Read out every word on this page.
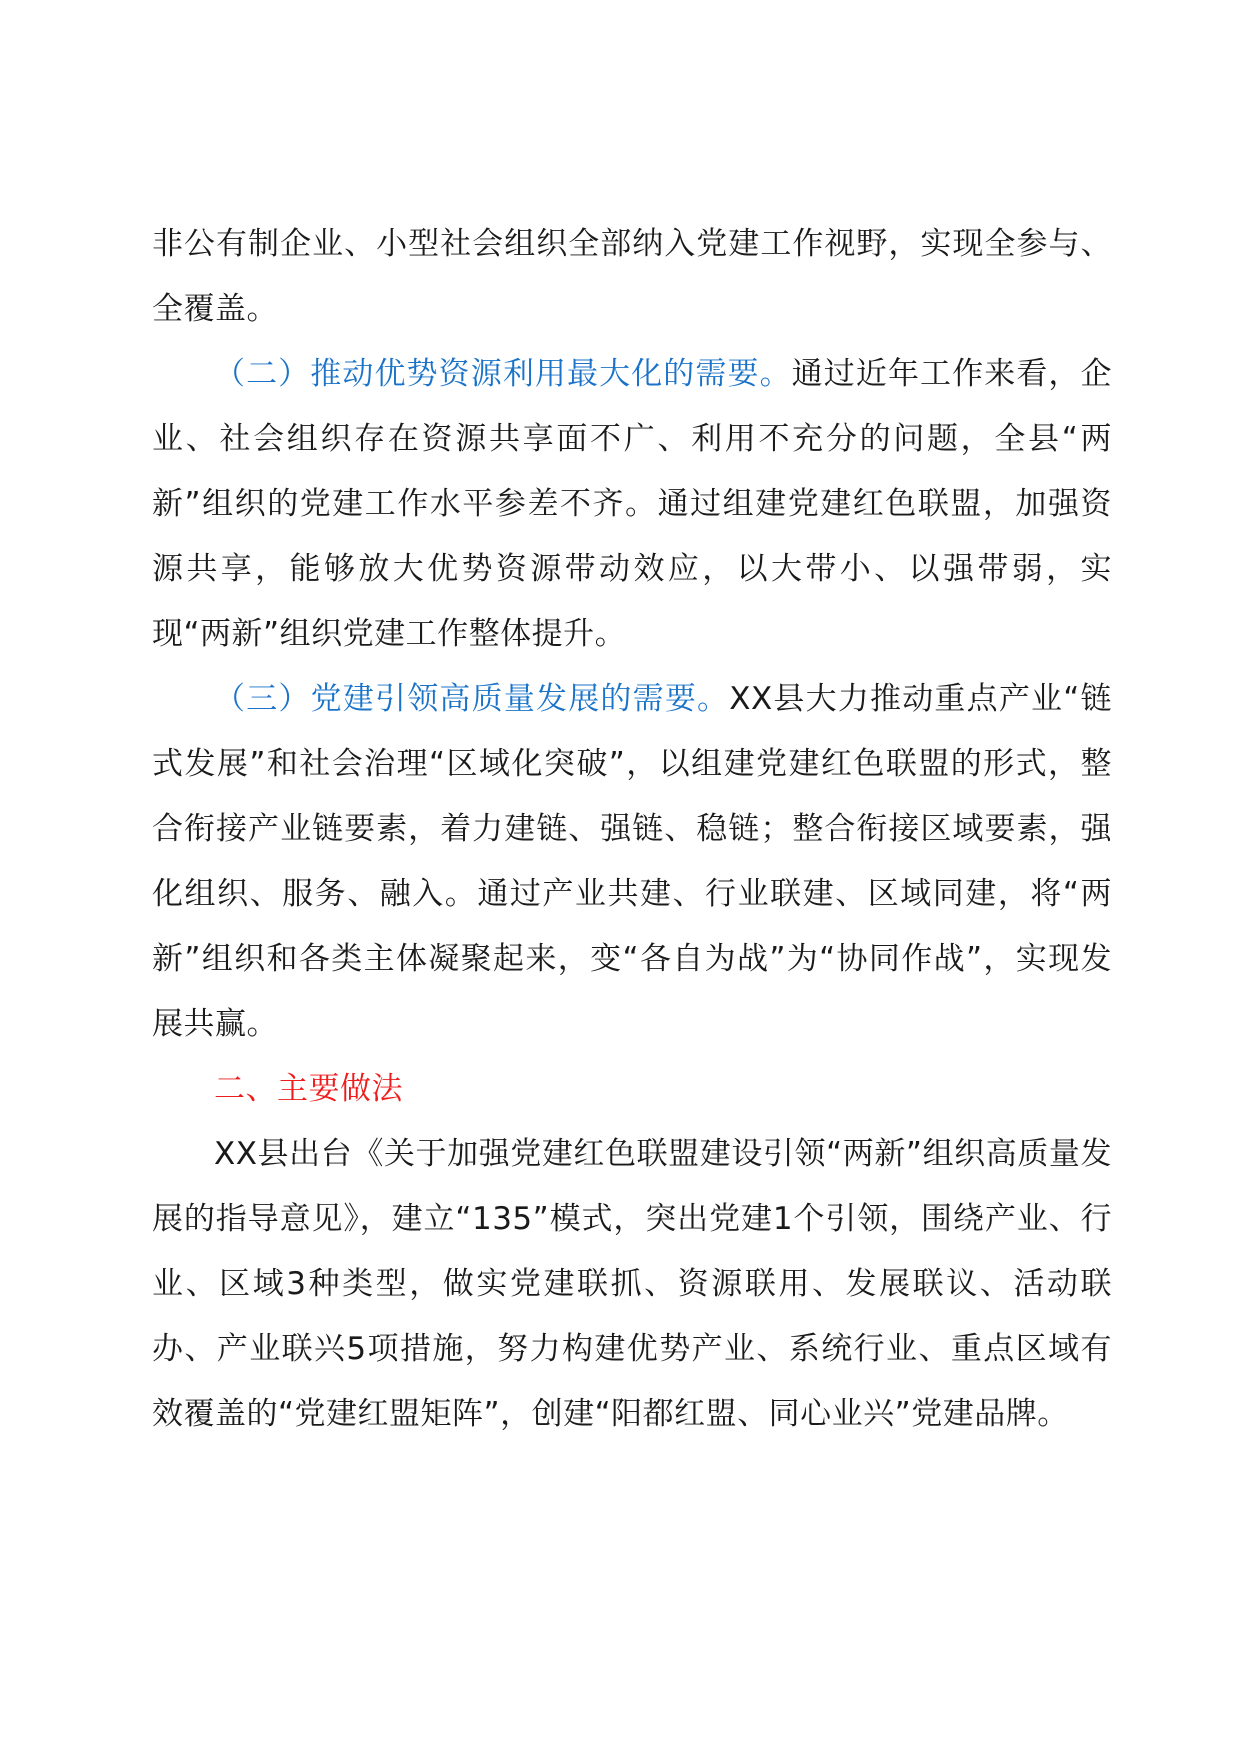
非公有制企业、小型社会组织全部纳入党建工作视野，实现全参与、全覆盖。

（二）推动优势资源利用最大化的需要。通过近年工作来看，企业、社会组织存在资源共享面不广、利用不充分的问题，全县“两新”组织的党建工作水平参差不齐。通过组建党建红色联盟，加强资源共享，能够放大优势资源带动效应，以大带小、以强带弱，实现“两新”组织党建工作整体提升。

（三）党建引领高质量发展的需要。XX县大力推动重点产业“链式发展”和社会治理“区域化突破”，以组建党建红色联盟的形式，整合衔接产业链要素，着力建链、强链、稳链；整合衔接区域要素，强化组织、服务、融入。通过产业共建、行业联建、区域同建，将“两新”组织和各类主体凝聚起来，变“各自为战”为“协同作战”，实现发展共赢。

二、主要做法

XX县出台《关于加强党建红色联盟建设引领“两新”组织高质量发展的指导意见》，建立“135”模式，突出党建1个引领，围绕产业、行业、区域3种类型，做实党建联抓、资源联用、发展联议、活动联办、产业联兴5项措施，努力构建优势产业、系统行业、重点区域有效覆盖的“党建红盟矩阵”，创建“阳都红盟、同心业兴”党建品牌。
